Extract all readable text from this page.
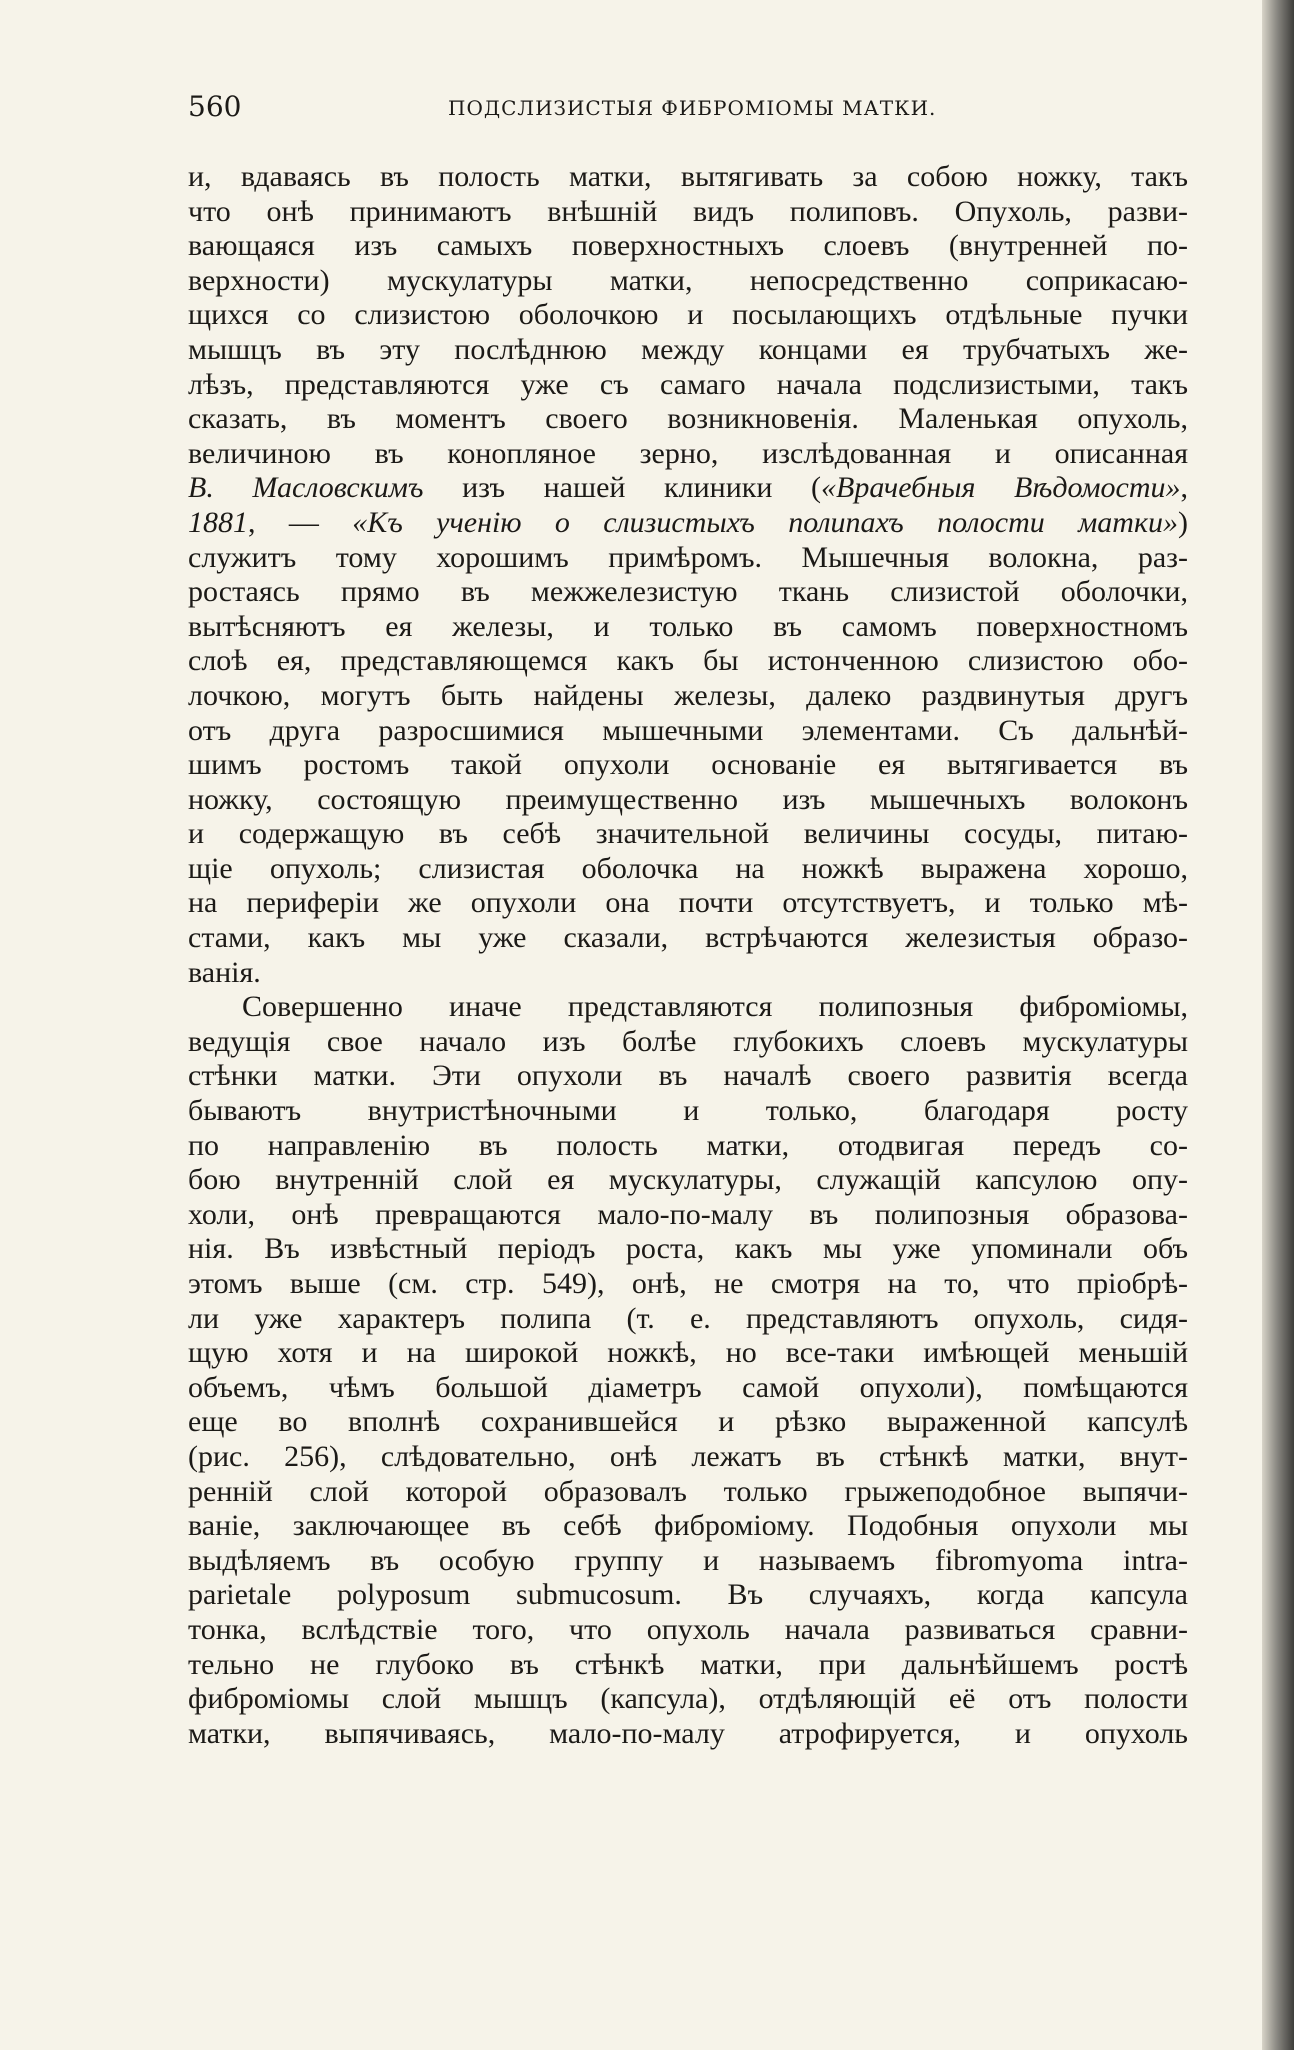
560	ПОДСЛИЗИСТЫЯ ФИБРОМІОМЫ МАТКИ.
и, вдаваясь въ полость матки, вытягивать за собою ножку, такъ
что онѣ принимаютъ внѣшній видъ полиповъ. Опухоль, разви-
вающаяся изъ самыхъ поверхностныхъ слоевъ (внутренней по-
верхности) мускулатуры матки, непосредственно соприкасаю-
щихся со слизистою оболочкою и посылающихъ отдѣльные пучки
мышцъ въ эту послѣднюю между концами ея трубчатыхъ же-
лѣзъ, представляются уже съ самаго начала подслизистыми, такъ
сказать, въ моментъ своего возникновенія. Маленькая опухоль,
величиною въ конопляное зерно, изслѣдованная и описанная
В. Масловскимъ изъ нашей клиники («Врачебныя Вѣдомости»,
1881, — «Къ ученію о слизистыхъ полипахъ полости матки»)
служитъ тому хорошимъ примѣромъ. Мышечныя волокна, раз-
ростаясь прямо въ межжелезистую ткань слизистой оболочки,
вытѣсняютъ ея железы, и только въ самомъ поверхностномъ
слоѣ ея, представляющемся какъ бы истонченною слизистою обо-
лочкою, могутъ быть найдены железы, далеко раздвинутыя другъ
отъ друга разросшимися мышечными элементами. Съ дальнѣй-
шимъ ростомъ такой опухоли основаніе ея вытягивается въ
ножку, состоящую преимущественно изъ мышечныхъ волоконъ
и содержащую въ себѣ значительной величины сосуды, питаю-
щіе опухоль; слизистая оболочка на ножкѣ выражена хорошо,
на периферіи же опухоли она почти отсутствуетъ, и только мѣ-
стами, какъ мы уже сказали, встрѣчаются железистыя образо-
ванія.
Совершенно иначе представляются полипозныя фиброміомы,
ведущія свое начало изъ болѣе глубокихъ слоевъ мускулатуры
стѣнки матки. Эти опухоли въ началѣ своего развитія всегда
бываютъ внутристѣночными и только, благодаря росту
по направленію въ полость матки, отодвигая передъ со-
бою внутренній слой ея мускулатуры, служащій капсулою опу-
холи, онѣ превращаются мало-по-малу въ полипозныя образова-
нія. Въ извѣстный періодъ роста, какъ мы уже упоминали объ
этомъ выше (см. стр. 549), онѣ, не смотря на то, что пріобрѣ-
ли уже характеръ полипа (т. е. представляютъ опухоль, сидя-
щую хотя и на широкой ножкѣ, но все-таки имѣющей меньшій
объемъ, чѣмъ большой діаметръ самой опухоли), помѣщаются
еще во вполнѣ сохранившейся и рѣзко выраженной капсулѣ
(рис. 256), слѣдовательно, онѣ лежатъ въ стѣнкѣ матки, внут-
ренній слой которой образовалъ только грыжеподобное выпячи-
ваніе, заключающее въ себѣ фиброміому. Подобныя опухоли мы
выдѣляемъ въ особую группу и называемъ fibromyoma intra-
parietale polyposum submucosum. Въ случаяхъ, когда капсула
тонка, вслѣдствіе того, что опухоль начала развиваться сравни-
тельно не глубоко въ стѣнкѣ матки, при дальнѣйшемъ ростѣ
фиброміомы слой мышцъ (капсула), отдѣляющій её отъ полости
матки, выпячиваясь, мало-по-малу атрофируется, и опухоль
